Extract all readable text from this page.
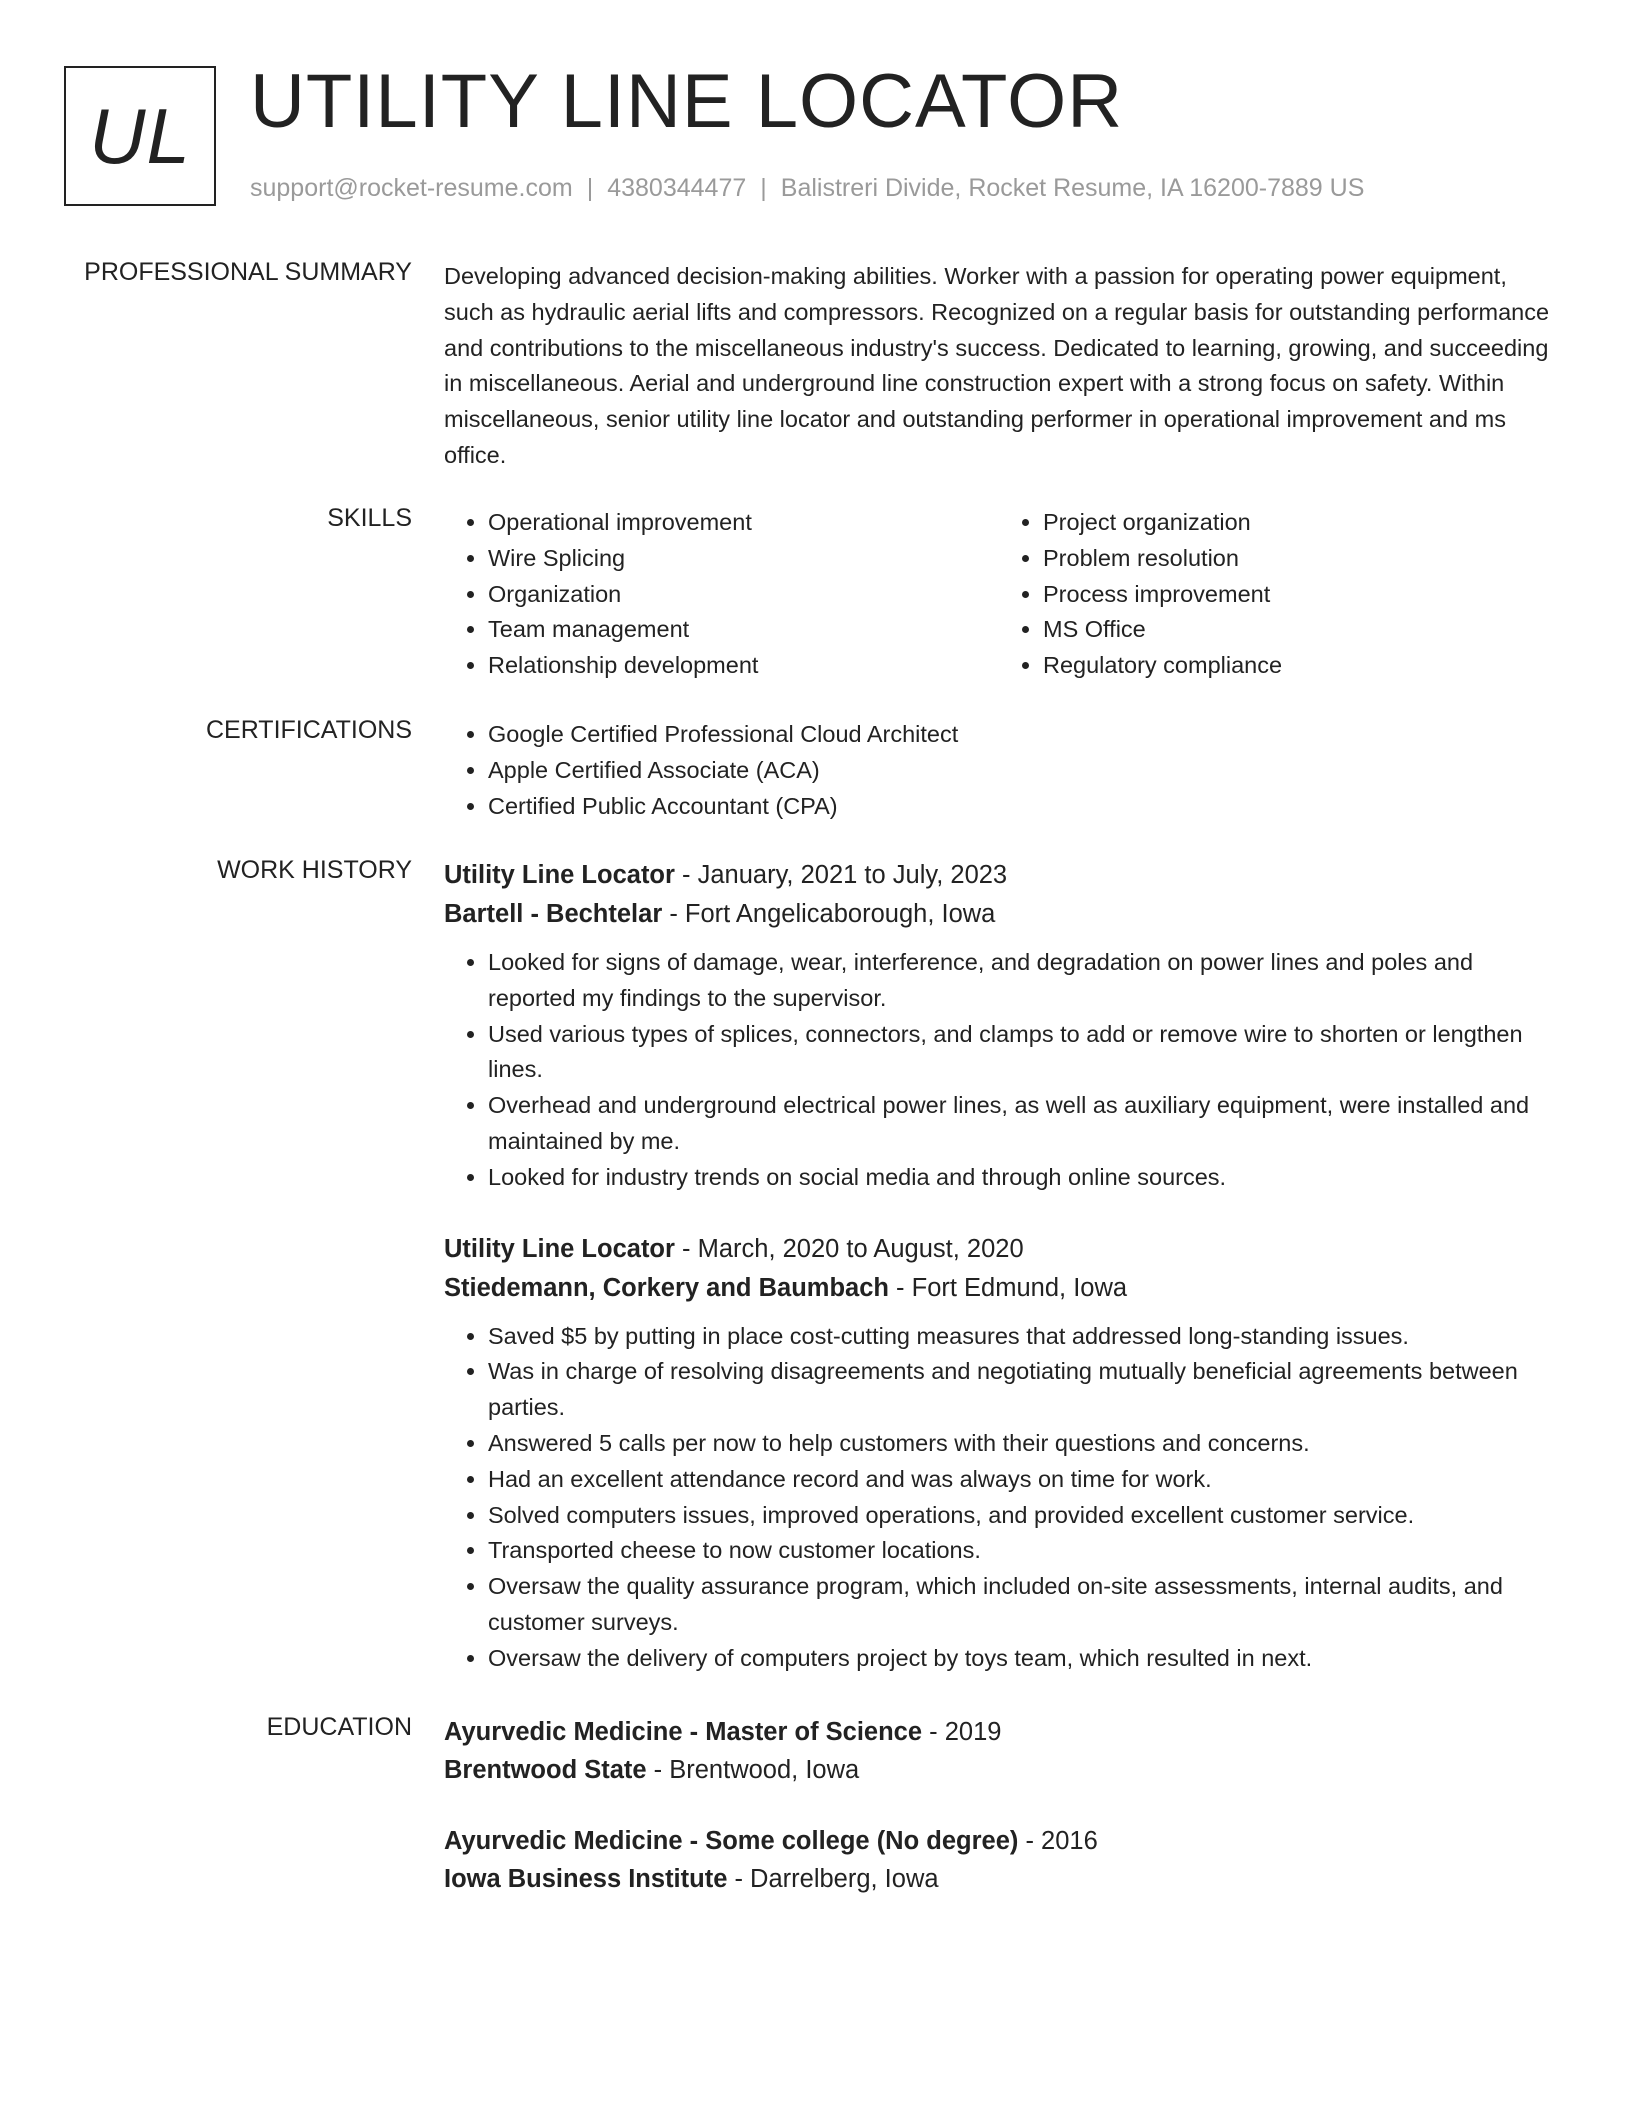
UL UTILITY LINE LOCATOR
support@rocket-resume.com | 4380344477 | Balistreri Divide, Rocket Resume, IA 16200-7889 US
PROFESSIONAL SUMMARY Developing advanced decision-making abilities. Worker with a passion for operating power equipment, such as hydraulic aerial lifts and compressors. Recognized on a regular basis for outstanding performance and contributions to the miscellaneous industry's success. Dedicated to learning, growing, and succeeding in miscellaneous. Aerial and underground line construction expert with a strong focus on safety. Within miscellaneous, senior utility line locator and outstanding performer in operational improvement and ms office.

SKILLS	• Operational improvement
• Wire Splicing
• Organization
• Team management
• Relationship development
• Project organization
• Problem resolution
• Process improvement
• MS Office
• Regulatory compliance
CERTIFICATIONS	• Google Certified Professional Cloud Architect
• Apple Certified Associate (ACA)
• Certified Public Accountant (CPA)
WORK HISTORY Utility Line Locator - January, 2021 to July, 2023
Bartell - Bechtelar - Fort Angelicaborough, Iowa
• Looked for signs of damage, wear, interference, and degradation on power lines and poles and reported my findings to the supervisor.
• Used various types of splices, connectors, and clamps to add or remove wire to shorten or lengthen lines.
• Overhead and underground electrical power lines, as well as auxiliary equipment, were installed and maintained by me.
• Looked for industry trends on social media and through online sources.
Utility Line Locator - March, 2020 to August, 2020
Stiedemann, Corkery and Baumbach - Fort Edmund, Iowa
• Saved $5 by putting in place cost-cutting measures that addressed long-standing issues.
• Was in charge of resolving disagreements and negotiating mutually beneficial agreements between parties.
• Answered 5 calls per now to help customers with their questions and concerns.
• Had an excellent attendance record and was always on time for work.
• Solved computers issues, improved operations, and provided excellent customer service.
• Transported cheese to now customer locations.
• Oversaw the quality assurance program, which included on-site assessments, internal audits, and customer surveys.
• Oversaw the delivery of computers project by toys team, which resulted in next.
EDUCATION Ayurvedic Medicine - Master of Science - 2019
Brentwood State - Brentwood, Iowa
Ayurvedic Medicine - Some college (No degree) - 2016
Iowa Business Institute - Darrelberg, Iowa
